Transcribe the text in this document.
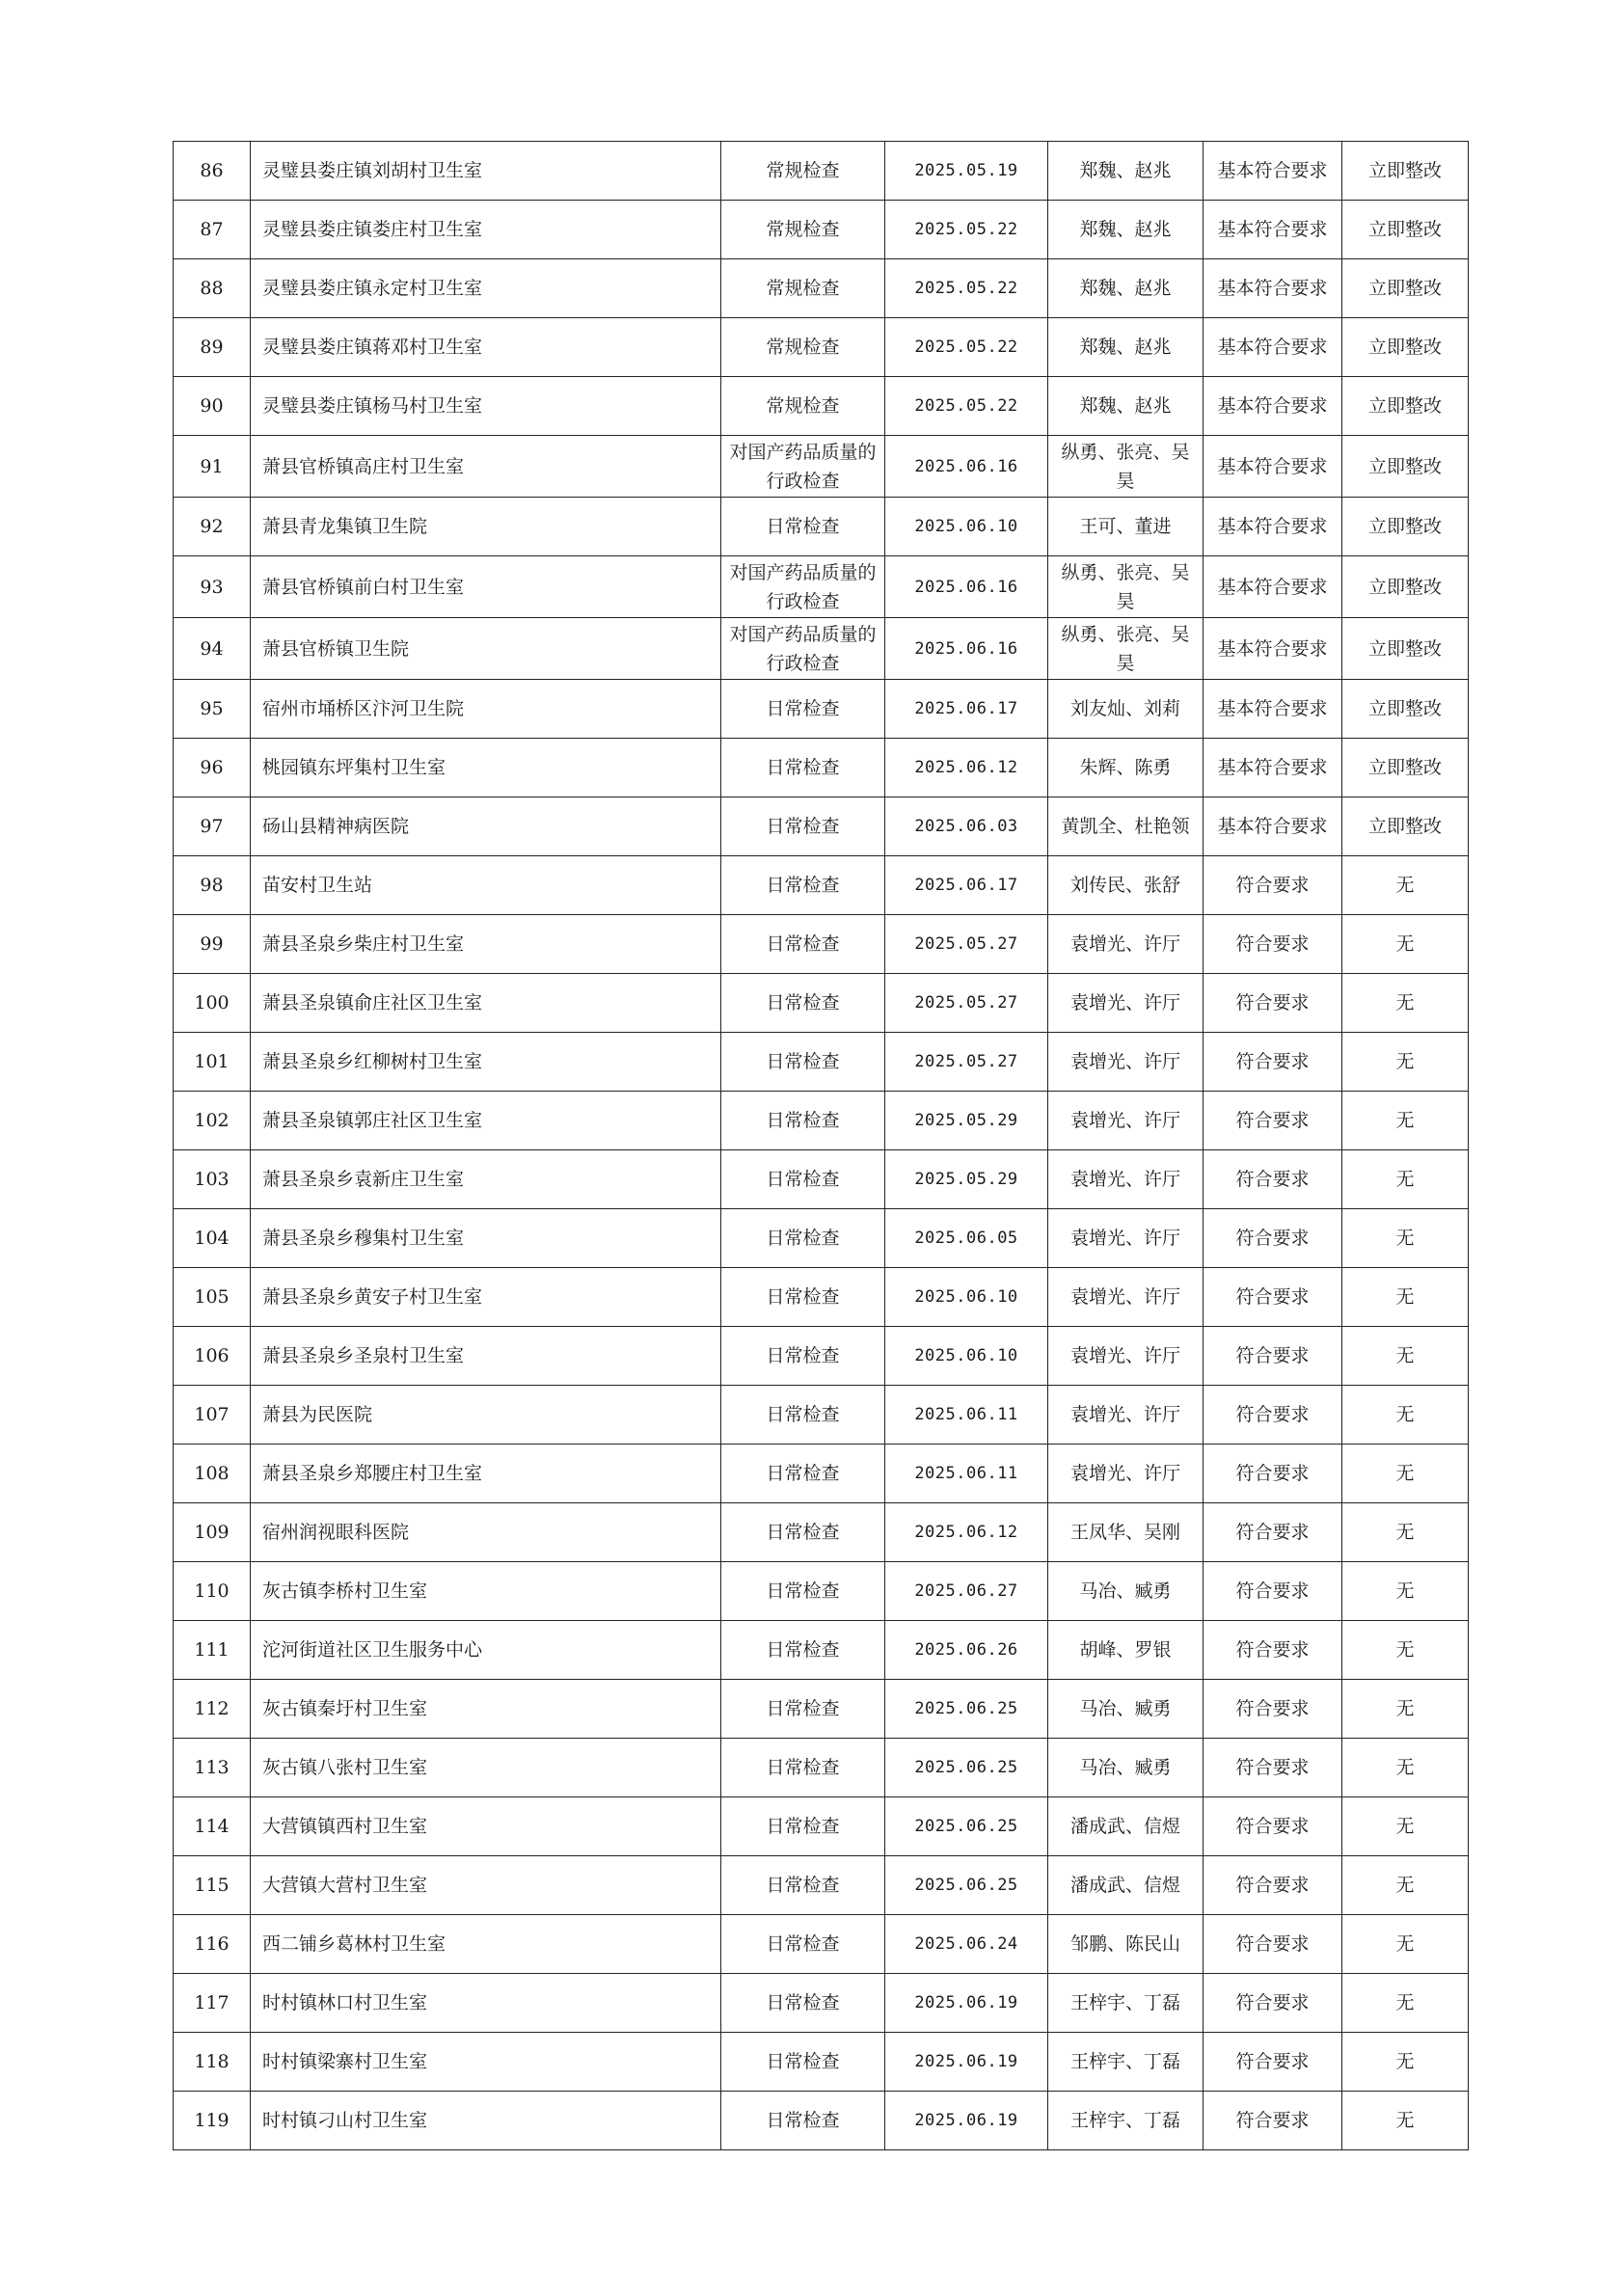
86	灵璧县娄庄镇刘胡村卫生室	常规检查	2025.05.19	郑魏、赵兆	基本符合要求	立即整改
87	灵璧县娄庄镇娄庄村卫生室	常规检查	2025.05.22	郑魏、赵兆	基本符合要求	立即整改
88	灵璧县娄庄镇永定村卫生室	常规检查	2025.05.22	郑魏、赵兆	基本符合要求	立即整改
89	灵璧县娄庄镇蒋邓村卫生室	常规检查	2025.05.22	郑魏、赵兆	基本符合要求	立即整改
90	灵璧县娄庄镇杨马村卫生室	常规检查	2025.05.22	郑魏、赵兆	基本符合要求	立即整改
91	萧县官桥镇高庄村卫生室	对国产药品质量的行政检查	2025.06.16	纵勇、张亮、吴昊	基本符合要求	立即整改
92	萧县青龙集镇卫生院	日常检查	2025.06.10	王可、董进	基本符合要求	立即整改
93	萧县官桥镇前白村卫生室	对国产药品质量的行政检查	2025.06.16	纵勇、张亮、吴昊	基本符合要求	立即整改
94	萧县官桥镇卫生院	对国产药品质量的行政检查	2025.06.16	纵勇、张亮、吴昊	基本符合要求	立即整改
95	宿州市埇桥区汴河卫生院	日常检查	2025.06.17	刘友灿、刘莉	基本符合要求	立即整改
96	桃园镇东坪集村卫生室	日常检查	2025.06.12	朱辉、陈勇	基本符合要求	立即整改
97	砀山县精神病医院	日常检查	2025.06.03	黄凯全、杜艳领	基本符合要求	立即整改
98	苗安村卫生站	日常检查	2025.06.17	刘传民、张舒	符合要求	无
99	萧县圣泉乡柴庄村卫生室	日常检查	2025.05.27	袁增光、许厅	符合要求	无
100	萧县圣泉镇俞庄社区卫生室	日常检查	2025.05.27	袁增光、许厅	符合要求	无
101	萧县圣泉乡红柳树村卫生室	日常检查	2025.05.27	袁增光、许厅	符合要求	无
102	萧县圣泉镇郭庄社区卫生室	日常检查	2025.05.29	袁增光、许厅	符合要求	无
103	萧县圣泉乡袁新庄卫生室	日常检查	2025.05.29	袁增光、许厅	符合要求	无
104	萧县圣泉乡穆集村卫生室	日常检查	2025.06.05	袁增光、许厅	符合要求	无
105	萧县圣泉乡黄安子村卫生室	日常检查	2025.06.10	袁增光、许厅	符合要求	无
106	萧县圣泉乡圣泉村卫生室	日常检查	2025.06.10	袁增光、许厅	符合要求	无
107	萧县为民医院	日常检查	2025.06.11	袁增光、许厅	符合要求	无
108	萧县圣泉乡郑腰庄村卫生室	日常检查	2025.06.11	袁增光、许厅	符合要求	无
109	宿州润视眼科医院	日常检查	2025.06.12	王凤华、吴刚	符合要求	无
110	灰古镇李桥村卫生室	日常检查	2025.06.27	马冶、臧勇	符合要求	无
111	沱河街道社区卫生服务中心	日常检查	2025.06.26	胡峰、罗银	符合要求	无
112	灰古镇秦圩村卫生室	日常检查	2025.06.25	马冶、臧勇	符合要求	无
113	灰古镇八张村卫生室	日常检查	2025.06.25	马冶、臧勇	符合要求	无
114	大营镇镇西村卫生室	日常检查	2025.06.25	潘成武、信煜	符合要求	无
115	大营镇大营村卫生室	日常检查	2025.06.25	潘成武、信煜	符合要求	无
116	西二铺乡葛林村卫生室	日常检查	2025.06.24	邹鹏、陈民山	符合要求	无
117	时村镇林口村卫生室	日常检查	2025.06.19	王梓宇、丁磊	符合要求	无
118	时村镇梁寨村卫生室	日常检查	2025.06.19	王梓宇、丁磊	符合要求	无
119	时村镇刁山村卫生室	日常检查	2025.06.19	王梓宇、丁磊	符合要求	无
